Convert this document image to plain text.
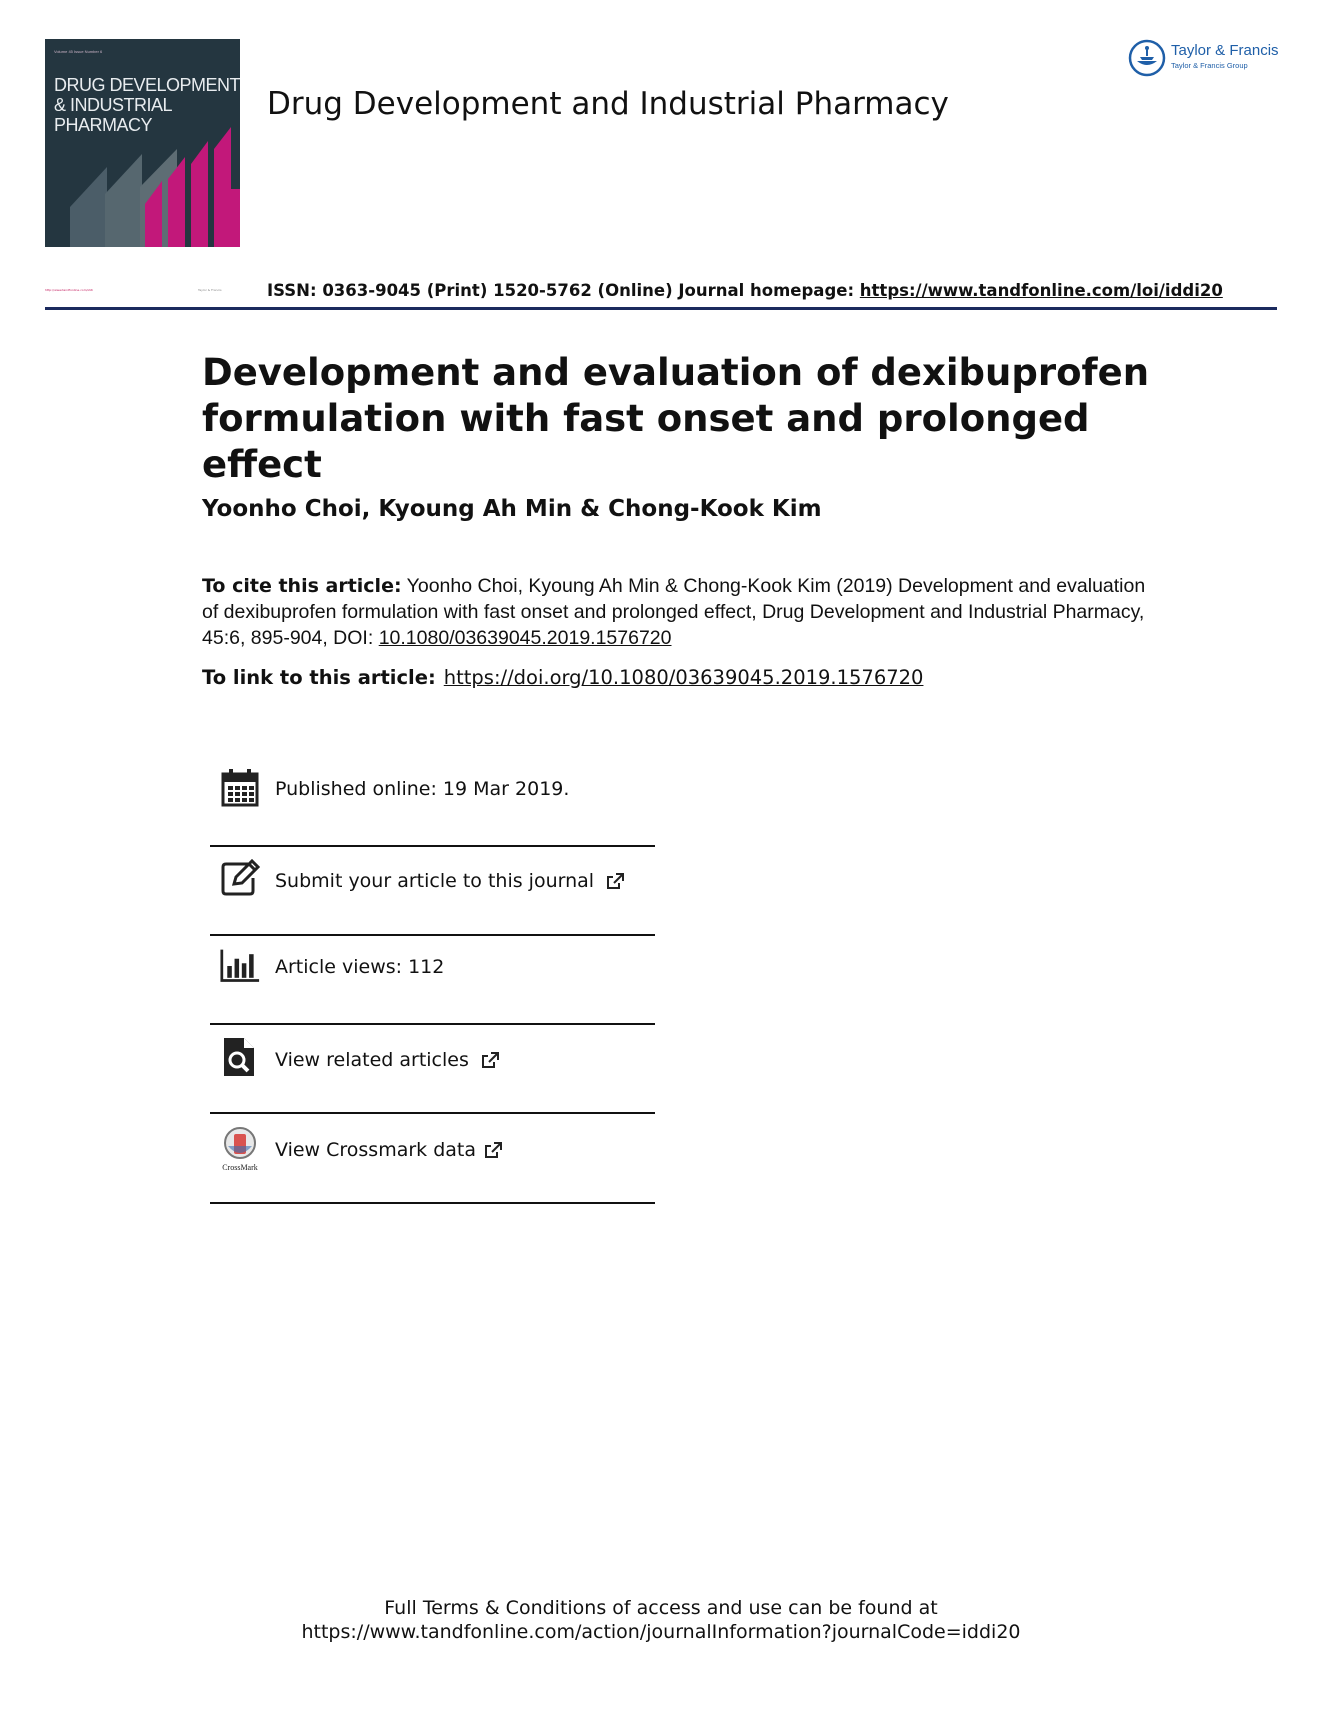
Volume 45 Issue Number 6
DRUG DEVELOPMENT
& INDUSTRIAL
PHARMACY
Drug Development and Industrial Pharmacy
Taylor & Francis
Taylor & Francis Group
http://www.tandfonline.com/iddi	Taylor & Francis	ISSN: 0363-9045 (Print) 1520-5762 (Online) Journal homepage: https://www.tandfonline.com/loi/iddi20
Development and evaluation of dexibuprofen
formulation with fast onset and prolonged effect
Yoonho Choi, Kyoung Ah Min & Chong-Kook Kim
To cite this article: Yoonho Choi, Kyoung Ah Min & Chong-Kook Kim (2019) Development and evaluation of dexibuprofen formulation with fast onset and prolonged effect, Drug Development and Industrial Pharmacy, 45:6, 895-904, DOI: 10.1080/03639045.2019.1576720
To link to this article: https://doi.org/10.1080/03639045.2019.1576720
Published online: 19 Mar 2019.
Submit your article to this journal
Article views: 112
View related articles
CrossMark
View Crossmark data
Full Terms & Conditions of access and use can be found at
https://www.tandfonline.com/action/journalInformation?journalCode=iddi20
